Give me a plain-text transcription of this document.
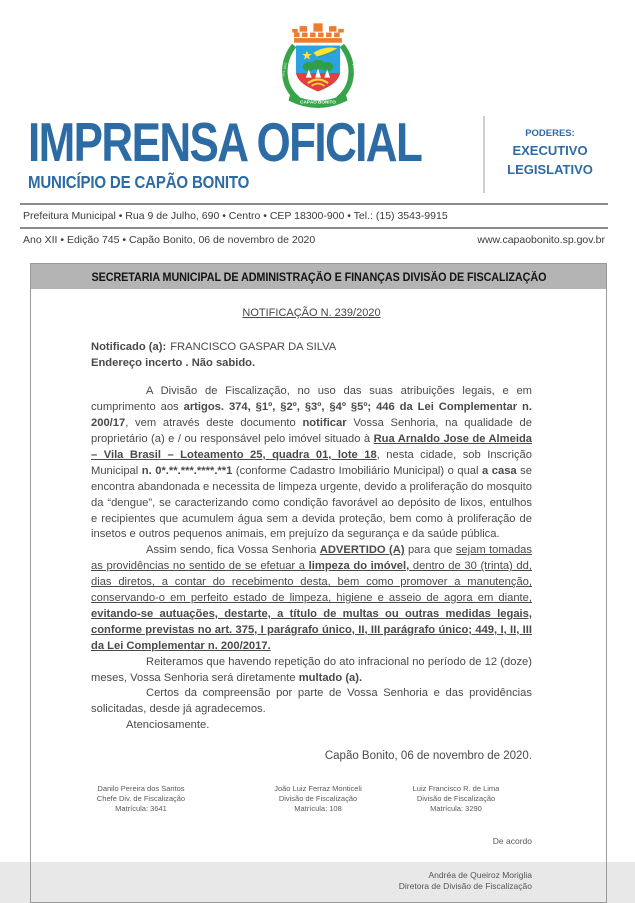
29-1-1942	2-4-1857
CAPÃO BONITO
IMPRENSA OFICIAL
MUNICÍPIO DE CAPÃO BONITO
PODERES:
EXECUTIVO
LEGISLATIVO
Prefeitura Municipal • Rua 9 de Julho, 690 • Centro • CEP 18300-900 • Tel.: (15) 3543-9915
Ano XII • Edição 745 • Capão Bonito, 06 de novembro de 2020	www.capaobonito.sp.gov.br
SECRETARIA MUNICIPAL DE ADMINISTRAÇÃO E FINANÇAS DIVISÃO DE FISCALIZAÇÃO
NOTIFICAÇÃO N. 239/2020
Notificado (a): FRANCISCO GASPAR DA SILVA
Endereço incerto . Não sabido.

A Divisão de Fiscalização, no uso das suas atribuições legais, e em cumprimento aos artigos. 374, §1º, §2º, §3º, §4º §5º; 446 da Lei Complementar n. 200/17, vem através deste documento notificar Vossa Senhoria, na qualidade de proprietário (a) e / ou responsável pelo imóvel situado à Rua Arnaldo Jose de Almeida – Vila Brasil – Loteamento 25, quadra 01, lote 18, nesta cidade, sob Inscrição Municipal n. 0*.**.***.****.**1 (conforme Cadastro Imobiliário Municipal) o qual a casa se encontra abandonada e necessita de limpeza urgente, devido a proliferação do mosquito da “dengue”, se caracterizando como condição favorável ao depósito de lixos, entulhos e recipientes que acumulem água sem a devida proteção, bem como à proliferação de insetos e outros pequenos animais, em prejuízo da segurança e da saúde pública.

Assim sendo, fica Vossa Senhoria ADVERTIDO (A) para que sejam tomadas as providências no sentido de se efetuar a limpeza do imóvel, dentro de 30 (trinta) dd, dias diretos, a contar do recebimento desta, bem como promover a manutenção, conservando-o em perfeito estado de limpeza, higiene e asseio de agora em diante, evitando-se autuações, destarte, a título de multas ou outras medidas legais, conforme previstas no art. 375, I parágrafo único, II, III parágrafo único; 449, I, II, III da Lei Complementar n. 200/2017.

Reiteramos que havendo repetição do ato infracional no período de 12 (doze) meses, Vossa Senhoria será diretamente multado (a).

Certos da compreensão por parte de Vossa Senhoria e das providências solicitadas, desde já agradecemos.

Atenciosamente.

Capão Bonito, 06 de novembro de 2020.
Danilo Pereira dos Santos
Chefe Div. de Fiscalização
Matrícula: 3641
João Luiz Ferraz Monticeli
Divisão de Fiscalização
Matrícula: 108
Luiz Francisco R. de Lima
Divisão de Fiscalização
Matrícula: 3290
De acordo
Andréa de Queiroz Moriglia
Diretora de Divisão de Fiscalização
